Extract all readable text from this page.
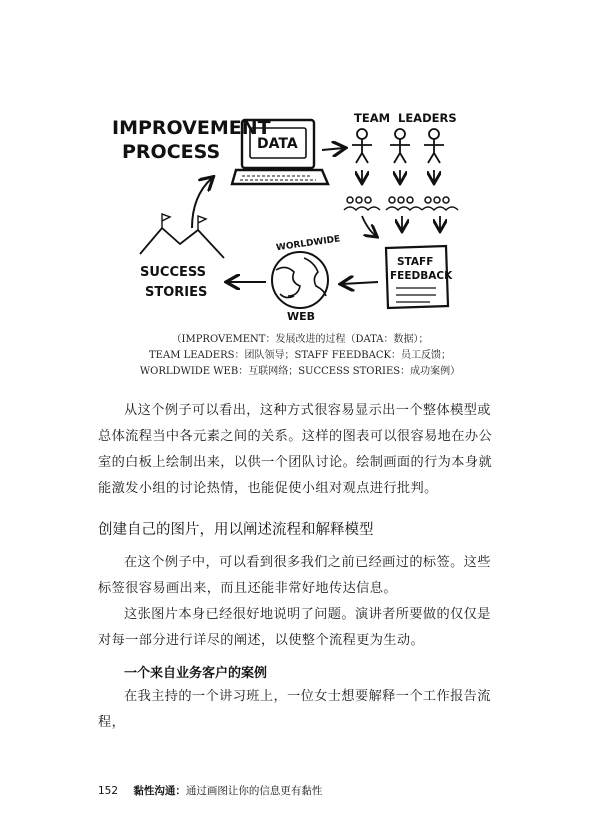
IMPROVEMENT
PROCESS	DATA
TEAM LEADERS
STAFF
FEEDBACK
WORLDWIDE
WEB
SUCCESS
STORIES
（IMPROVEMENT：发展改进的过程（DATA：数据）；
TEAM LEADERS：团队领导；STAFF FEEDBACK：员工反馈；
WORLDWIDE WEB：互联网络；SUCCESS STORIES：成功案例）

从这个例子可以看出，这种方式很容易显示出一个整体模型或总体流程当中各元素之间的关系。这样的图表可以很容易地在办公室的白板上绘制出来，以供一个团队讨论。绘制画面的行为本身就能激发小组的讨论热情，也能促使小组对观点进行批判。

创建自己的图片，用以阐述流程和解释模型

在这个例子中，可以看到很多我们之前已经画过的标签。这些标签很容易画出来，而且还能非常好地传达信息。

这张图片本身已经很好地说明了问题。演讲者所要做的仅仅是对每一部分进行详尽的阐述，以使整个流程更为生动。

一个来自业务客户的案例

在我主持的一个讲习班上，一位女士想要解释一个工作报告流程，

152 黏性沟通：通过画图让你的信息更有黏性
